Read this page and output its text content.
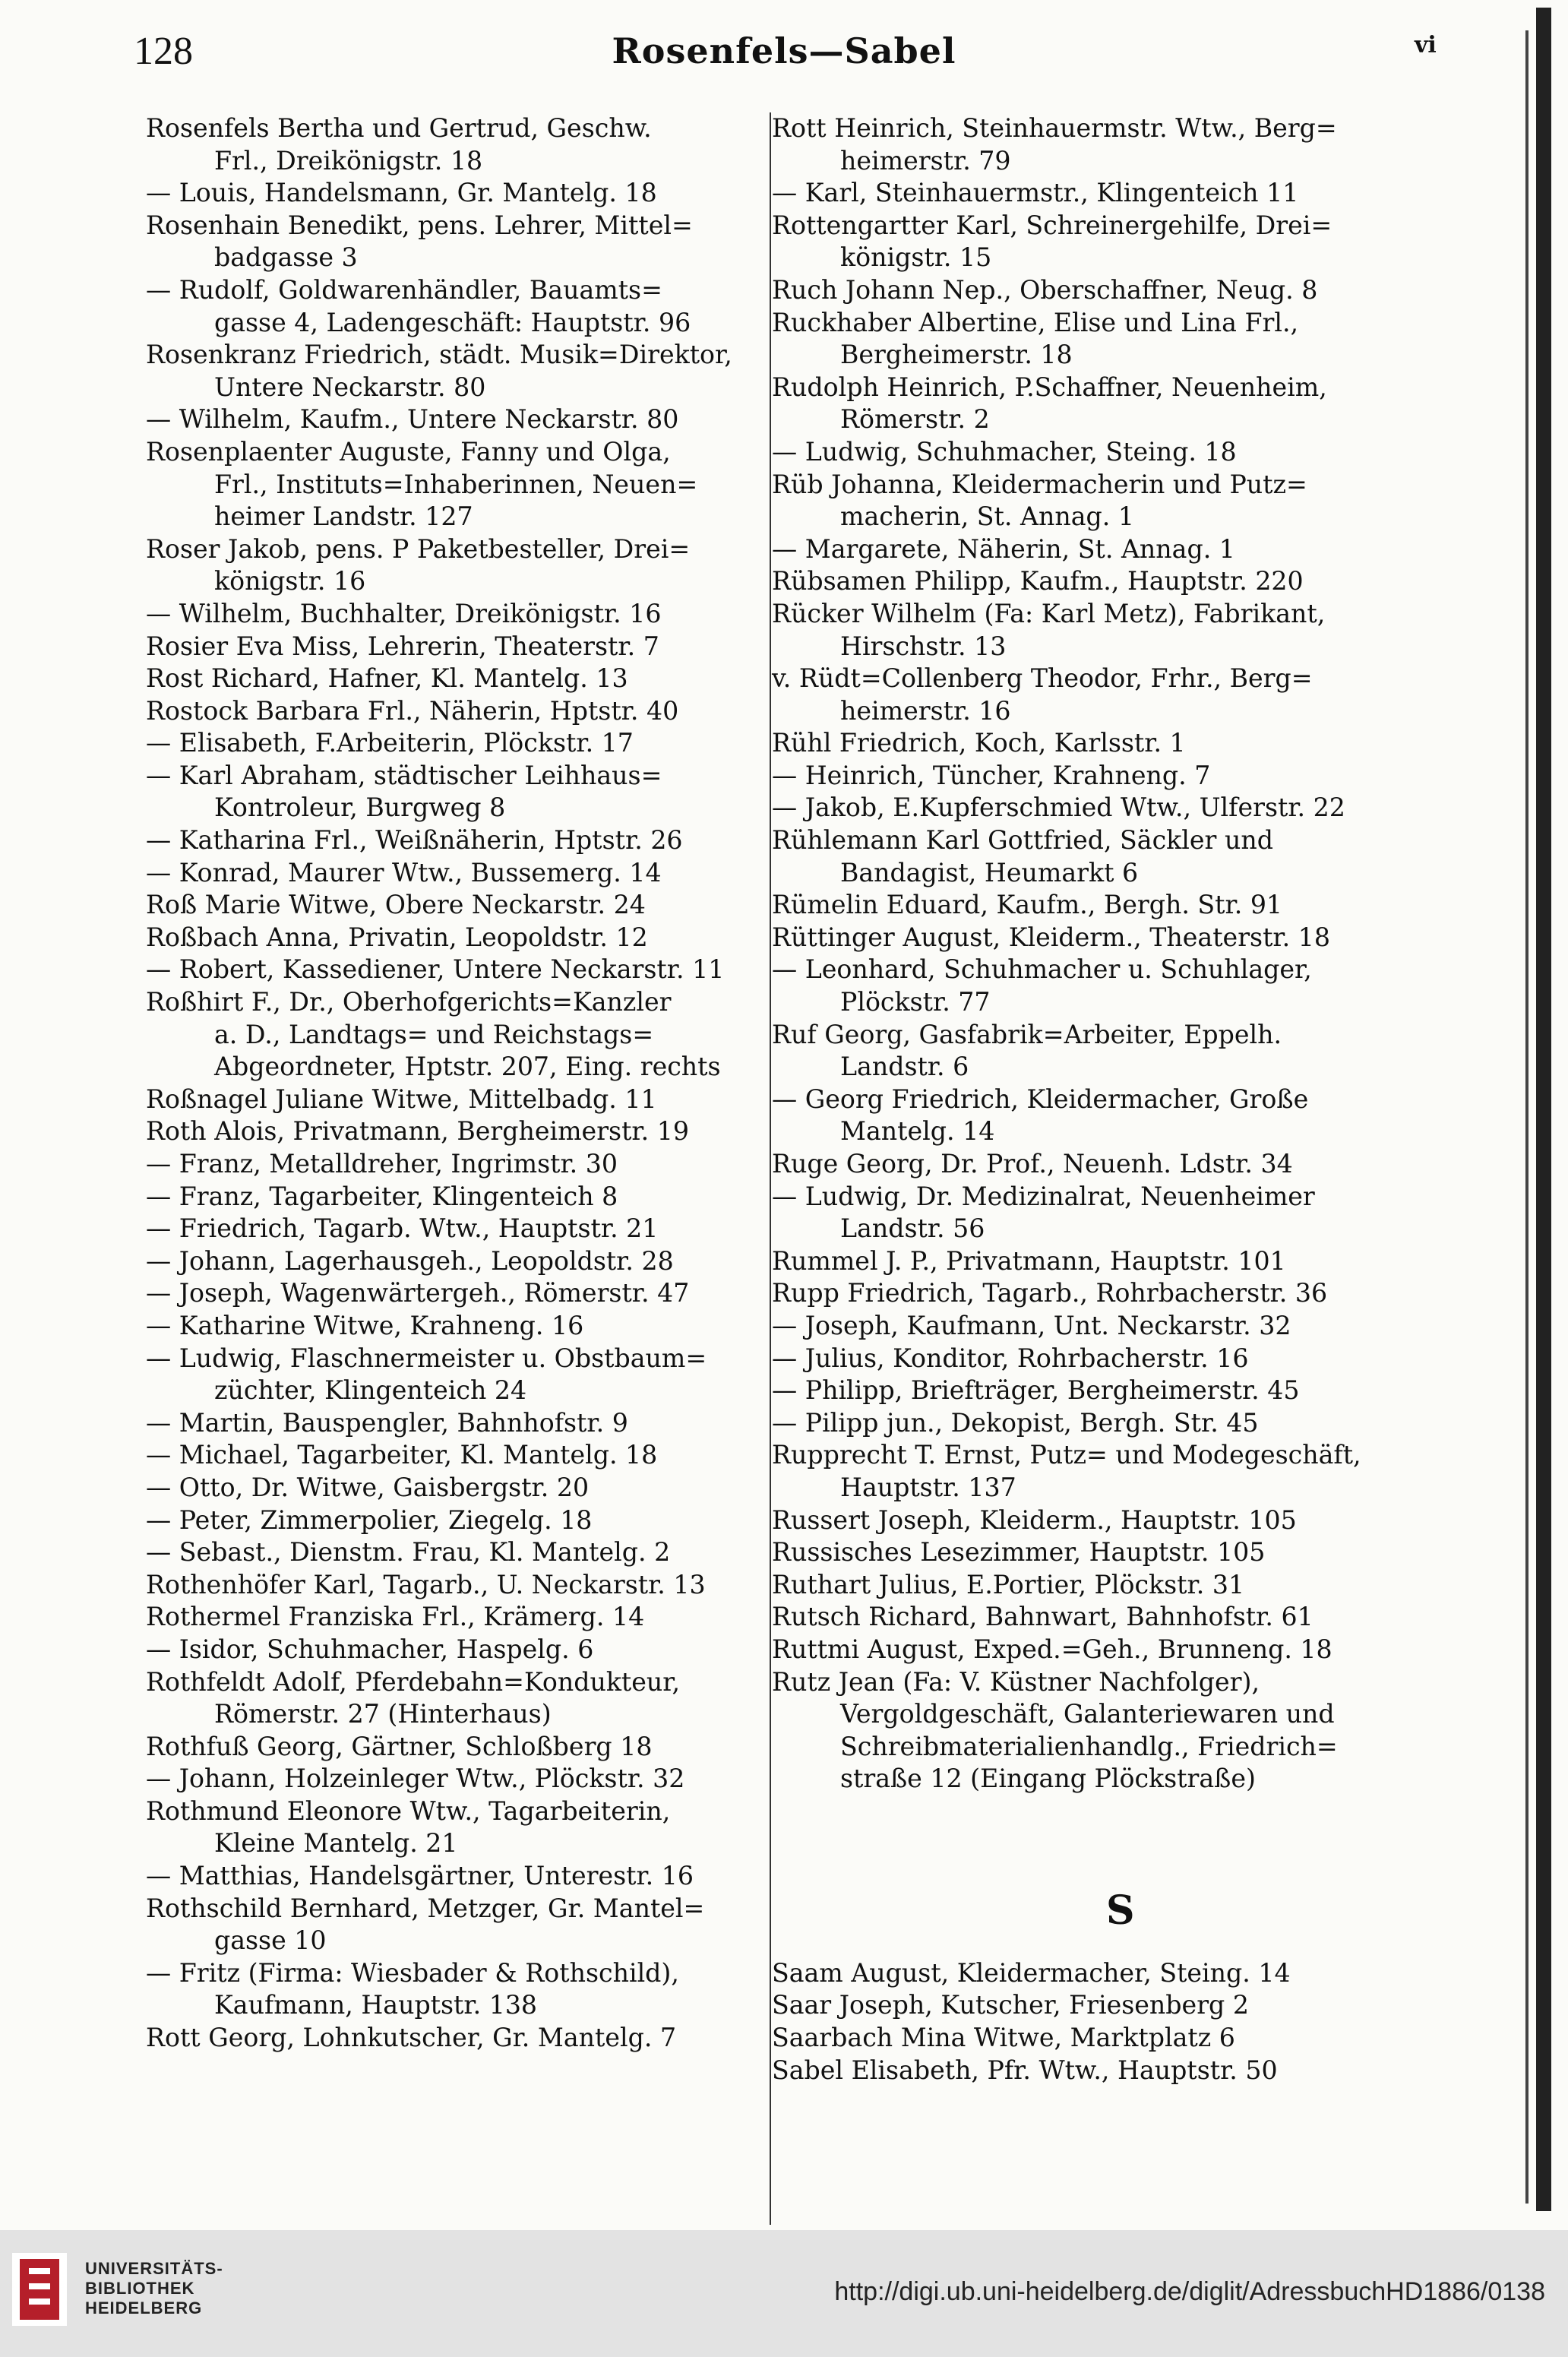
128	Rosenfels—Sabel	vi
Rosenfels Bertha und Gertrud, Geschw.
Frl., Dreikönigstr. 18
— Louis, Handelsmann, Gr. Mantelg. 18
Rosenhain Benedikt, pens. Lehrer, Mittel=
badgasse 3
— Rudolf, Goldwarenhändler, Bauamts=
gasse 4, Ladengeschäft: Hauptstr. 96
Rosenkranz Friedrich, städt. Musik=Direktor,
Untere Neckarstr. 80
— Wilhelm, Kaufm., Untere Neckarstr. 80
Rosenplaenter Auguste, Fanny und Olga,
Frl., Instituts=Inhaberinnen, Neuen=
heimer Landstr. 127
Roser Jakob, pens. P Paketbesteller, Drei=
königstr. 16
— Wilhelm, Buchhalter, Dreikönigstr. 16
Rosier Eva Miss, Lehrerin, Theaterstr. 7
Rost Richard, Hafner, Kl. Mantelg. 13
Rostock Barbara Frl., Näherin, Hptstr. 40
— Elisabeth, F.Arbeiterin, Plöckstr. 17
— Karl Abraham, städtischer Leihhaus=
Kontroleur, Burgweg 8
— Katharina Frl., Weißnäherin, Hptstr. 26
— Konrad, Maurer Wtw., Bussemerg. 14
Roß Marie Witwe, Obere Neckarstr. 24
Roßbach Anna, Privatin, Leopoldstr. 12
— Robert, Kassediener, Untere Neckarstr. 11
Roßhirt F., Dr., Oberhofgerichts=Kanzler
a. D., Landtags= und Reichstags=
Abgeordneter, Hptstr. 207, Eing. rechts
Roßnagel Juliane Witwe, Mittelbadg. 11
Roth Alois, Privatmann, Bergheimerstr. 19
— Franz, Metalldreher, Ingrimstr. 30
— Franz, Tagarbeiter, Klingenteich 8
— Friedrich, Tagarb. Wtw., Hauptstr. 21
— Johann, Lagerhausgeh., Leopoldstr. 28
— Joseph, Wagenwärtergeh., Römerstr. 47
— Katharine Witwe, Krahneng. 16
— Ludwig, Flaschnermeister u. Obstbaum=
züchter, Klingenteich 24
— Martin, Bauspengler, Bahnhofstr. 9
— Michael, Tagarbeiter, Kl. Mantelg. 18
— Otto, Dr. Witwe, Gaisbergstr. 20
— Peter, Zimmerpolier, Ziegelg. 18
— Sebast., Dienstm. Frau, Kl. Mantelg. 2
Rothenhöfer Karl, Tagarb., U. Neckarstr. 13
Rothermel Franziska Frl., Krämerg. 14
— Isidor, Schuhmacher, Haspelg. 6
Rothfeldt Adolf, Pferdebahn=Kondukteur,
Römerstr. 27 (Hinterhaus)
Rothfuß Georg, Gärtner, Schloßberg 18
— Johann, Holzeinleger Wtw., Plöckstr. 32
Rothmund Eleonore Wtw., Tagarbeiterin,
Kleine Mantelg. 21
— Matthias, Handelsgärtner, Unterestr. 16
Rothschild Bernhard, Metzger, Gr. Mantel=
gasse 10
— Fritz (Firma: Wiesbader & Rothschild),
Kaufmann, Hauptstr. 138
Rott Georg, Lohnkutscher, Gr. Mantelg. 7
Rott Heinrich, Steinhauermstr. Wtw., Berg=
heimerstr. 79
— Karl, Steinhauermstr., Klingenteich 11
Rottengartter Karl, Schreinergehilfe, Drei=
königstr. 15
Ruch Johann Nep., Oberschaffner, Neug. 8
Ruckhaber Albertine, Elise und Lina Frl.,
Bergheimerstr. 18
Rudolph Heinrich, P.Schaffner, Neuenheim,
Römerstr. 2
— Ludwig, Schuhmacher, Steing. 18
Rüb Johanna, Kleidermacherin und Putz=
macherin, St. Annag. 1
— Margarete, Näherin, St. Annag. 1
Rübsamen Philipp, Kaufm., Hauptstr. 220
Rücker Wilhelm (Fa: Karl Metz), Fabrikant,
Hirschstr. 13
v. Rüdt=Collenberg Theodor, Frhr., Berg=
heimerstr. 16
Rühl Friedrich, Koch, Karlsstr. 1
— Heinrich, Tüncher, Krahneng. 7
— Jakob, E.Kupferschmied Wtw., Ulferstr. 22
Rühlemann Karl Gottfried, Säckler und
Bandagist, Heumarkt 6
Rümelin Eduard, Kaufm., Bergh. Str. 91
Rüttinger August, Kleiderm., Theaterstr. 18
— Leonhard, Schuhmacher u. Schuhlager,
Plöckstr. 77
Ruf Georg, Gasfabrik=Arbeiter, Eppelh.
Landstr. 6
— Georg Friedrich, Kleidermacher, Große
Mantelg. 14
Ruge Georg, Dr. Prof., Neuenh. Ldstr. 34
— Ludwig, Dr. Medizinalrat, Neuenheimer
Landstr. 56
Rummel J. P., Privatmann, Hauptstr. 101
Rupp Friedrich, Tagarb., Rohrbacherstr. 36
— Joseph, Kaufmann, Unt. Neckarstr. 32
— Julius, Konditor, Rohrbacherstr. 16
— Philipp, Briefträger, Bergheimerstr. 45
— Pilipp jun., Dekopist, Bergh. Str. 45
Rupprecht T. Ernst, Putz= und Modegeschäft,
Hauptstr. 137
Russert Joseph, Kleiderm., Hauptstr. 105
Russisches Lesezimmer, Hauptstr. 105
Ruthart Julius, E.Portier, Plöckstr. 31
Rutsch Richard, Bahnwart, Bahnhofstr. 61
Ruttmi August, Exped.=Geh., Brunneng. 18
Rutz Jean (Fa: V. Küstner Nachfolger),
Vergoldgeschäft, Galanteriewaren und
Schreibmaterialienhandlg., Friedrich=
straße 12 (Eingang Plöckstraße)
S
Saam August, Kleidermacher, Steing. 14
Saar Joseph, Kutscher, Friesenberg 2
Saarbach Mina Witwe, Marktplatz 6
Sabel Elisabeth, Pfr. Wtw., Hauptstr. 50
UNIVERSITÄTS-
BIBLIOTHEK
HEIDELBERG
http://digi.ub.uni-heidelberg.de/diglit/AdressbuchHD1886/0138
